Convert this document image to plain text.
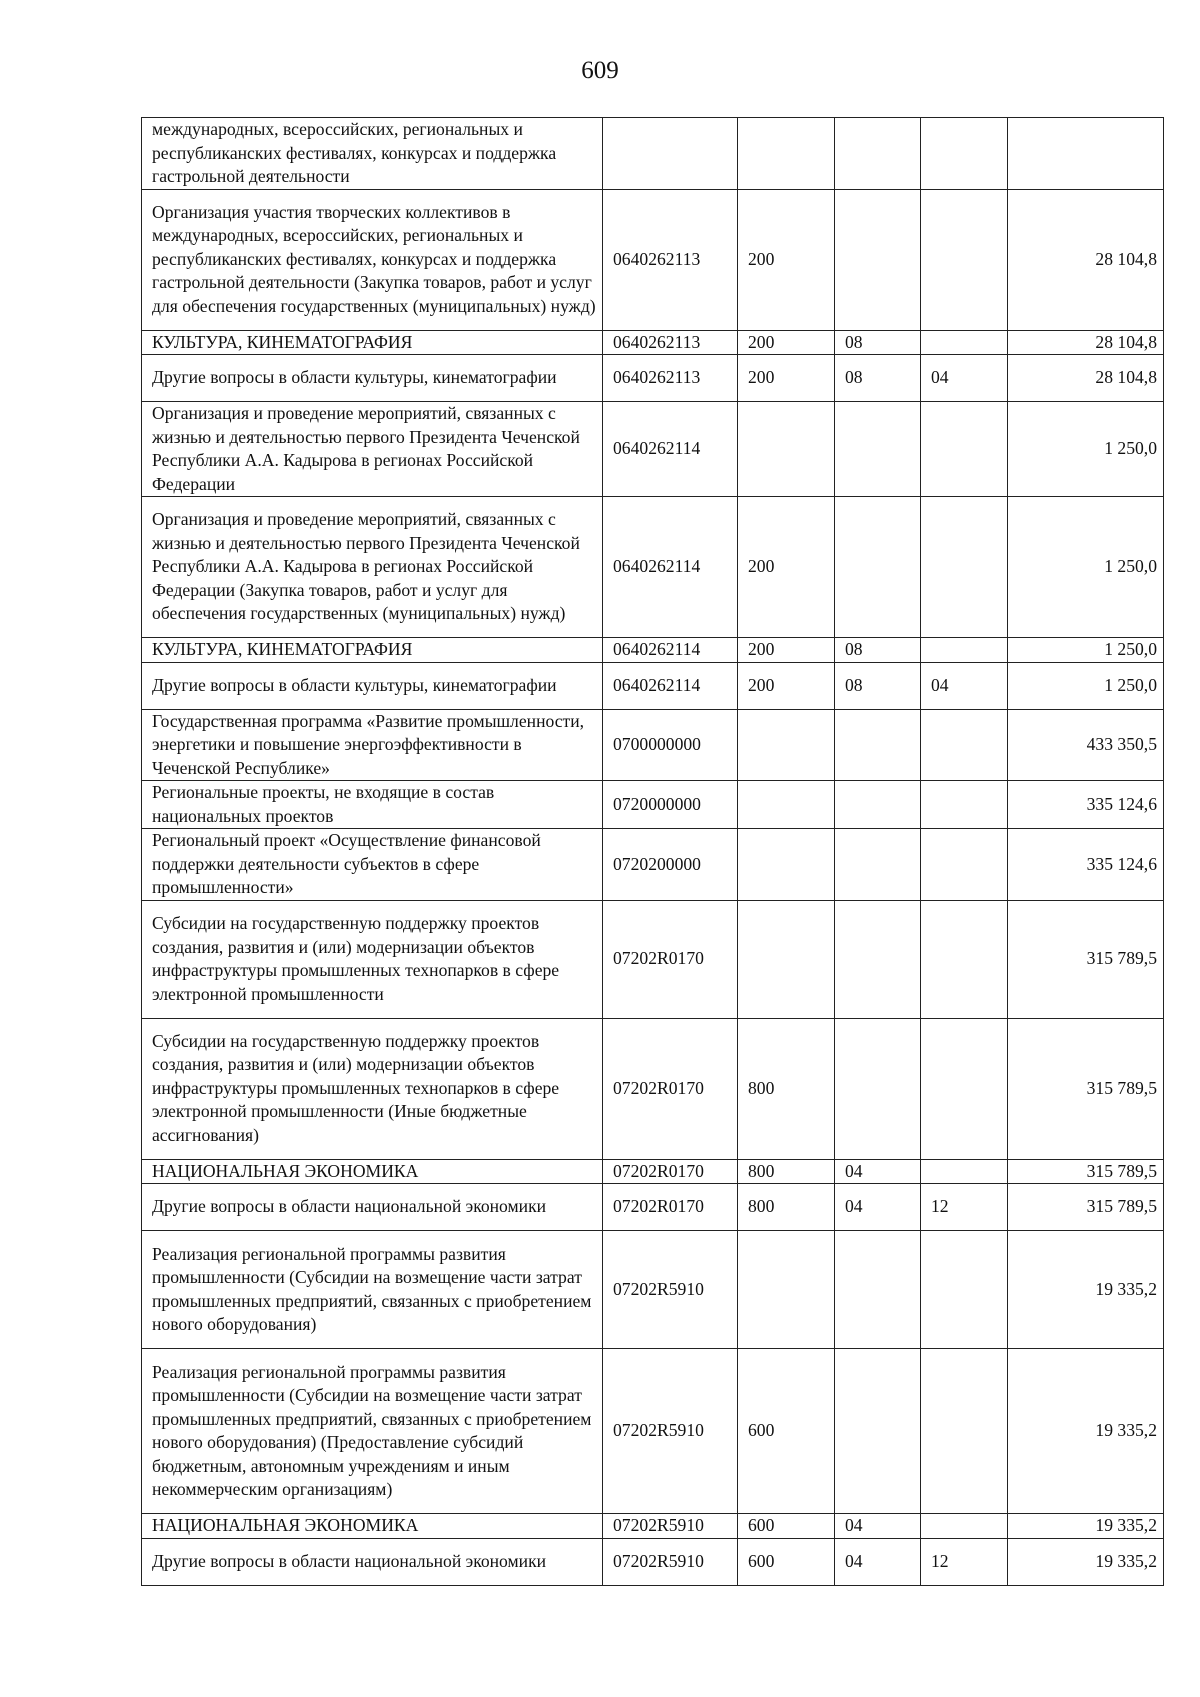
609
международных, всероссийских, региональных и республиканских фестивалях, конкурсах и поддержка гастрольной деятельности					

Организация участия творческих коллективов в международных, всероссийских, региональных и республиканских фестивалях, конкурсах и поддержка гастрольной деятельности (Закупка товаров, работ и услуг для обеспечения государственных (муниципальных) нужд)	0640262113	200			28 104,8

КУЛЬТУРА, КИНЕМАТОГРАФИЯ	0640262113	200	08		28 104,8

Другие вопросы в области культуры, кинематографии	0640262113	200	08	04	28 104,8

Организация и проведение мероприятий, связанных с жизнью и деятельностью первого Президента Чеченской Республики А.А. Кадырова в регионах Российской Федерации	0640262114				1 250,0

Организация и проведение мероприятий, связанных с жизнью и деятельностью первого Президента Чеченской Республики А.А. Кадырова в регионах Российской Федерации (Закупка товаров, работ и услуг для обеспечения государственных (муниципальных) нужд)	0640262114	200			1 250,0

КУЛЬТУРА, КИНЕМАТОГРАФИЯ	0640262114	200	08		1 250,0

Другие вопросы в области культуры, кинематографии	0640262114	200	08	04	1 250,0

Государственная программа «Развитие промышленности, энергетики и повышение энергоэффективности в Чеченской Республике»	0700000000				433 350,5

Региональные проекты, не входящие в состав национальных проектов	0720000000				335 124,6

Региональный проект «Осуществление финансовой поддержки деятельности субъектов в сфере промышленности»	0720200000				335 124,6

Субсидии на государственную поддержку проектов создания, развития и (или) модернизации объектов инфраструктуры промышленных технопарков в сфере электронной промышленности	07202R0170				315 789,5

Субсидии на государственную поддержку проектов создания, развития и (или) модернизации объектов инфраструктуры промышленных технопарков в сфере электронной промышленности (Иные бюджетные ассигнования)	07202R0170	800			315 789,5

НАЦИОНАЛЬНАЯ ЭКОНОМИКА	07202R0170	800	04		315 789,5

Другие вопросы в области национальной экономики	07202R0170	800	04	12	315 789,5

Реализация региональной программы развития промышленности (Субсидии на возмещение части затрат промышленных предприятий, связанных с приобретением нового оборудования)	07202R5910				19 335,2

Реализация региональной программы развития промышленности (Субсидии на возмещение части затрат промышленных предприятий, связанных с приобретением нового оборудования) (Предоставление субсидий бюджетным, автономным учреждениям и иным некоммерческим организациям)	07202R5910	600			19 335,2

НАЦИОНАЛЬНАЯ ЭКОНОМИКА	07202R5910	600	04		19 335,2

Другие вопросы в области национальной экономики	07202R5910	600	04	12	19 335,2
